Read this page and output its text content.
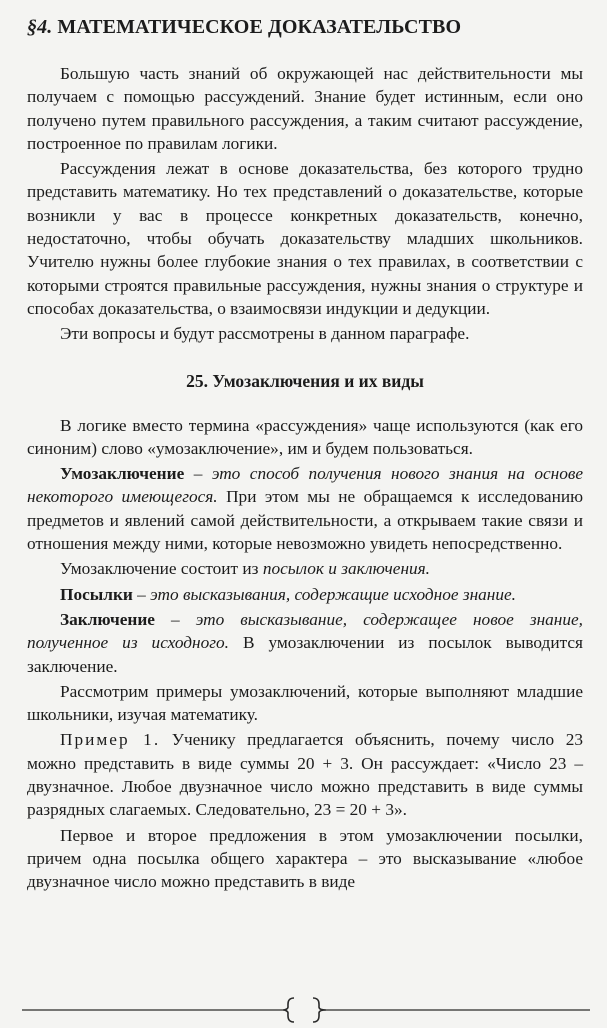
§4. МАТЕМАТИЧЕСКОЕ ДОКАЗАТЕЛЬСТВО

Большую часть знаний об окружающей нас действительности мы получаем с помощью рассуждений. Знание будет истинным, если оно получено путем правильного рассуждения, а таким считают рассуждение, построенное по правилам логики.

Рассуждения лежат в основе доказательства, без которого трудно представить математику. Но тех представлений о доказательстве, которые возникли у вас в процессе конкретных доказательств, конечно, недостаточно, чтобы обучать доказательству младших школьников. Учителю нужны более глубокие знания о тех правилах, в соответствии с которыми строятся правильные рассуждения, нужны знания о структуре и способах доказательства, о взаимосвязи индукции и дедукции.

Эти вопросы и будут рассмотрены в данном параграфе.

25. Умозаключения и их виды

В логике вместо термина «рассуждения» чаще используются (как его синоним) слово «умозаключение», им и будем пользоваться.

Умозаключение – это способ получения нового знания на основе некоторого имеющегося. При этом мы не обращаемся к исследованию предметов и явлений самой действительности, а открываем такие связи и отношения между ними, которые невозможно увидеть непосредственно.

Умозаключение состоит из посылок и заключения.

Посылки – это высказывания, содержащие исходное знание.

Заключение – это высказывание, содержащее новое знание, полученное из исходного. В умозаключении из посылок выводится заключение.

Рассмотрим примеры умозаключений, которые выполняют младшие школьники, изучая математику.

Пример 1. Ученику предлагается объяснить, почему число 23 можно представить в виде суммы 20 + 3. Он рассуждает: «Число 23 – двузначное. Любое двузначное число можно представить в виде суммы разрядных слагаемых. Следовательно, 23 = 20 + 3».

Первое и второе предложения в этом умозаключении посылки, причем одна посылка общего характера – это высказывание «любое двузначное число можно представить в виде
